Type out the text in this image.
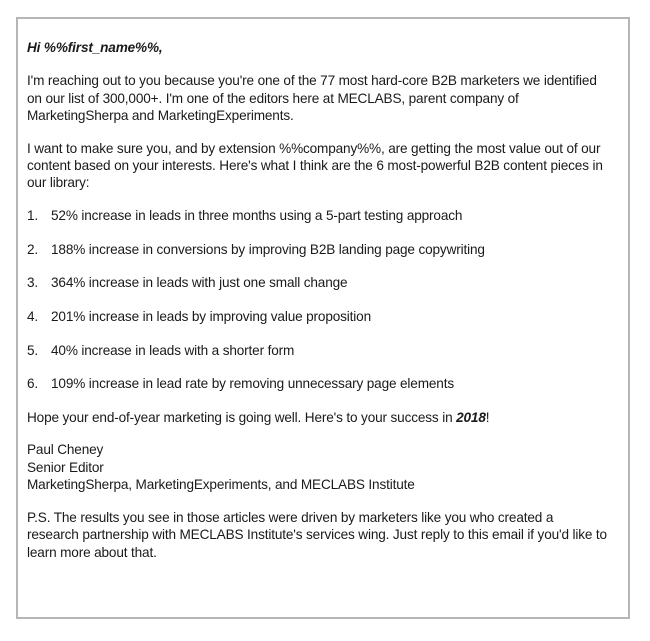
Hi %%first_name%%,

I'm reaching out to you because you're one of the 77 most hard-core B2B marketers we identified on our list of 300,000+. I'm one of the editors here at MECLABS, parent company of MarketingSherpa and MarketingExperiments.

I want to make sure you, and by extension %%company%%, are getting the most value out of our content based on your interests. Here's what I think are the 6 most-powerful B2B content pieces in our library:

1. 52% increase in leads in three months using a 5-part testing approach
2. 188% increase in conversions by improving B2B landing page copywriting
3. 364% increase in leads with just one small change
4. 201% increase in leads by improving value proposition
5. 40% increase in leads with a shorter form
6. 109% increase in lead rate by removing unnecessary page elements

Hope your end-of-year marketing is going well. Here's to your success in 2018!

Paul Cheney
Senior Editor
MarketingSherpa, MarketingExperiments, and MECLABS Institute

P.S. The results you see in those articles were driven by marketers like you who created a research partnership with MECLABS Institute's services wing. Just reply to this email if you'd like to learn more about that.
